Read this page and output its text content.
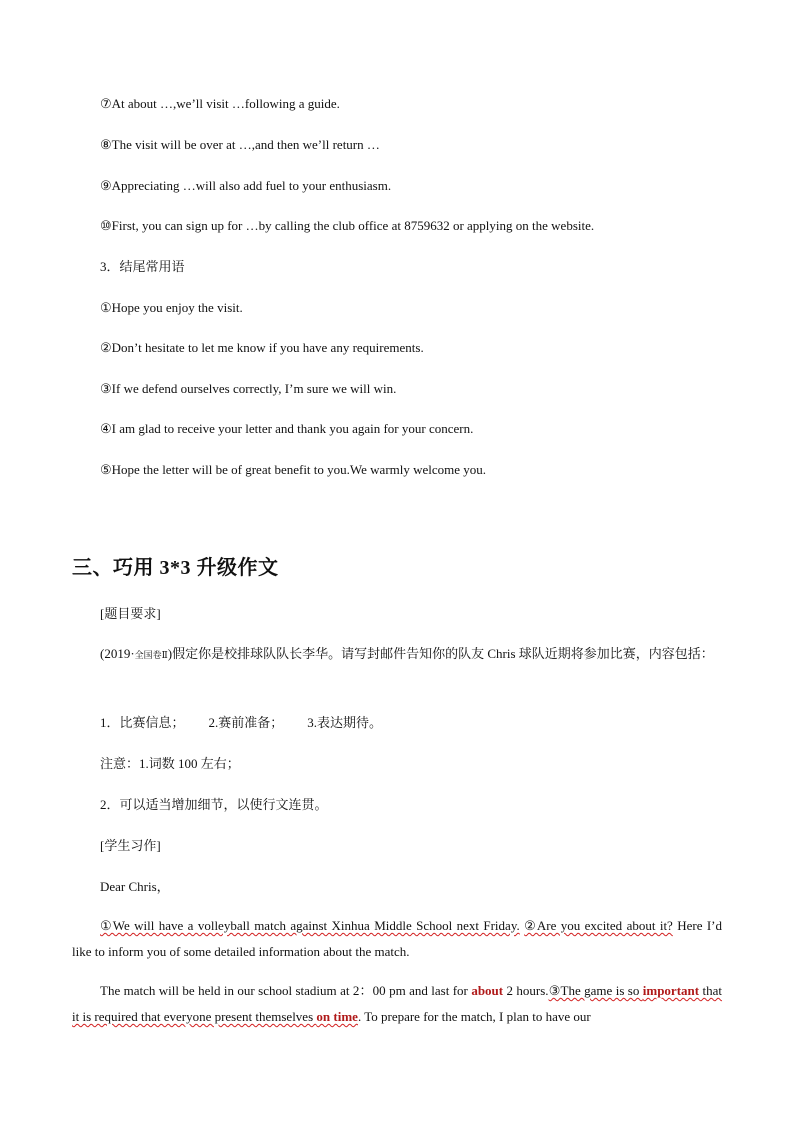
⑦At about …,we’ll visit …following a guide.
⑧The visit will be over at …,and then we’ll return …
⑨Appreciating …will also add fuel to your enthusiasm.
⑩First, you can sign up for …by calling the club office at 8759632 or applying on the website.
3．结尾常用语
①Hope you enjoy the visit.
②Don’t hesitate to let me know if you have any requirements.
③If we defend ourselves correctly, I’m sure we will win.
④I am glad to receive your letter and thank you again for your concern.
⑤Hope the letter will be of great benefit to you.We warmly welcome you.
三、巧用 3*3 升级作文
[题目要求]
(2019·全国卷Ⅱ)假定你是校排球队队长李华。请写封邮件告知你的队友 Chris 球队近期将参加比赛，内容包括：
1．比赛信息； 2.赛前准备； 3.表达期待。
注意：1.词数 100 左右；
2．可以适当增加细节，以使行文连贯。
[学生习作]
Dear Chris，
①We will have a volleyball match against Xinhua Middle School next Friday. ②Are you excited about it? Here I’d like to inform you of some detailed information about the match.
The match will be held in our school stadium at 2：00 pm and last for about 2 hours.③The game is so important that it is required that everyone present themselves on time. To prepare for the match, I plan to have our
